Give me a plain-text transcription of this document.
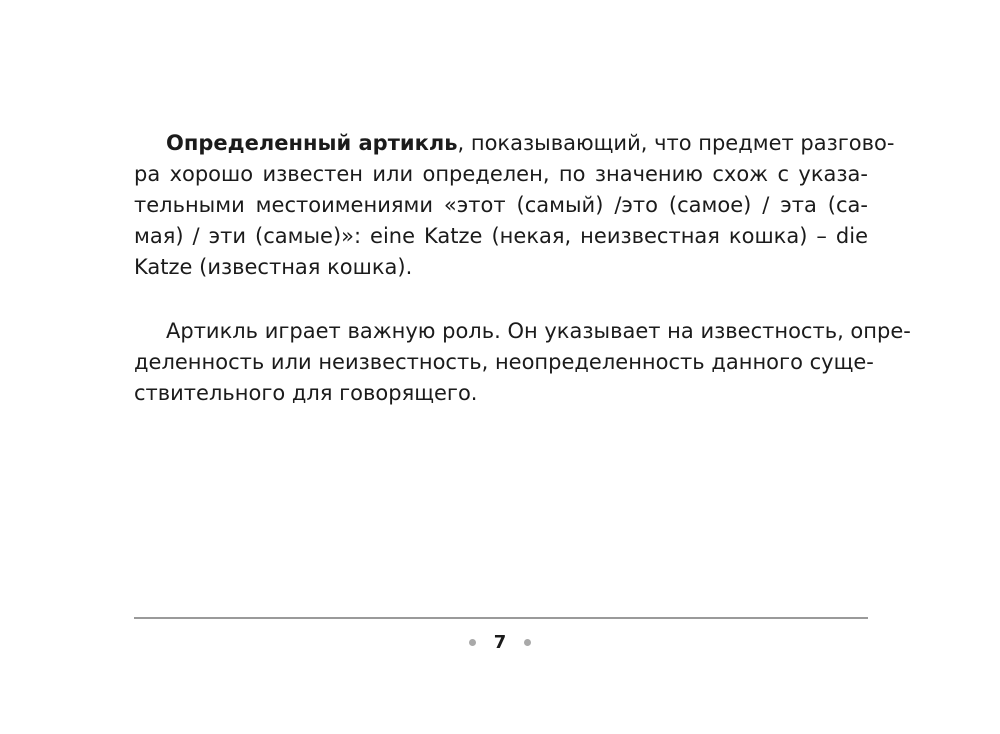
Определенный артикль, показывающий, что предмет разгово-
ра хорошо известен или определен, по значению схож с указа-
тельными местоимениями «этот (самый) /это (самое) / эта (са-
мая) / эти (самые)»: eine Katze (некая, неизвестная кошка) – die
Katze (известная кошка).
Артикль играет важную роль. Он указывает на известность, опре-
деленность или неизвестность, неопределенность данного суще-
ствительного для говорящего.
7
